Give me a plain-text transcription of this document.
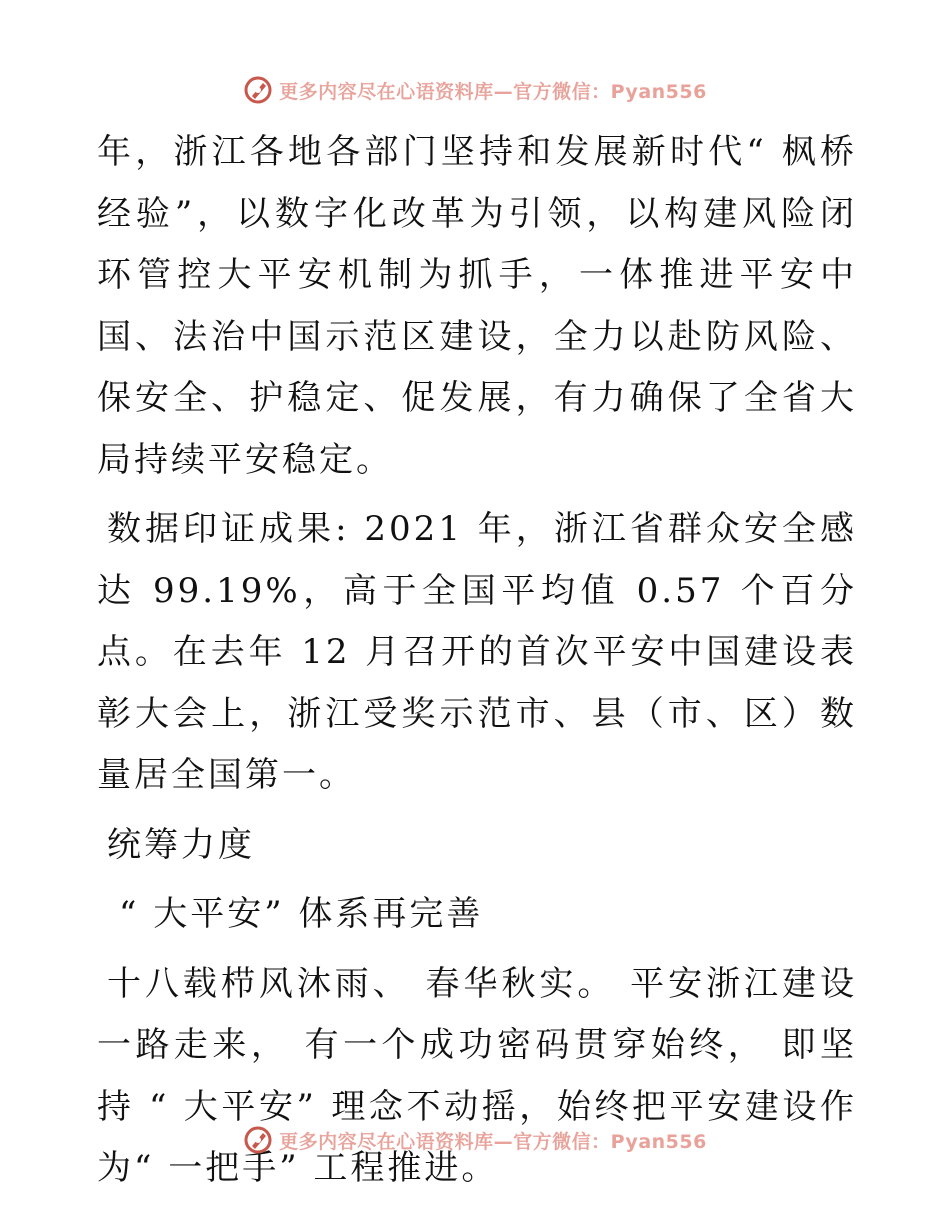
更多内容尽在心语资料库—官方微信：Pyan556

年，浙江各地各部门坚持和发展新时代“ 枫桥经验”，以数字化改革为引领，以构建风险闭环管控大平安机制为抓手，一体推进平安中国、法治中国示范区建设，全力以赴防风险、保安全、护稳定、促发展，有力确保了全省大局持续平安稳定。

数据印证成果: 2021 年，浙江省群众安全感达 99.19%，高于全国平均值 0.57 个百分点。在去年 12 月召开的首次平安中国建设表彰大会上，浙江受奖示范市、县（市、区）数量居全国第一。

统筹力度

“ 大平安” 体系再完善

十八载栉风沐雨、 春华秋实。 平安浙江建设一路走来， 有一个成功密码贯穿始终， 即坚持 “ 大平安” 理念不动摇，始终把平安建设作为“ 一把手” 工程推进。

更多内容尽在心语资料库—官方微信：Pyan556
